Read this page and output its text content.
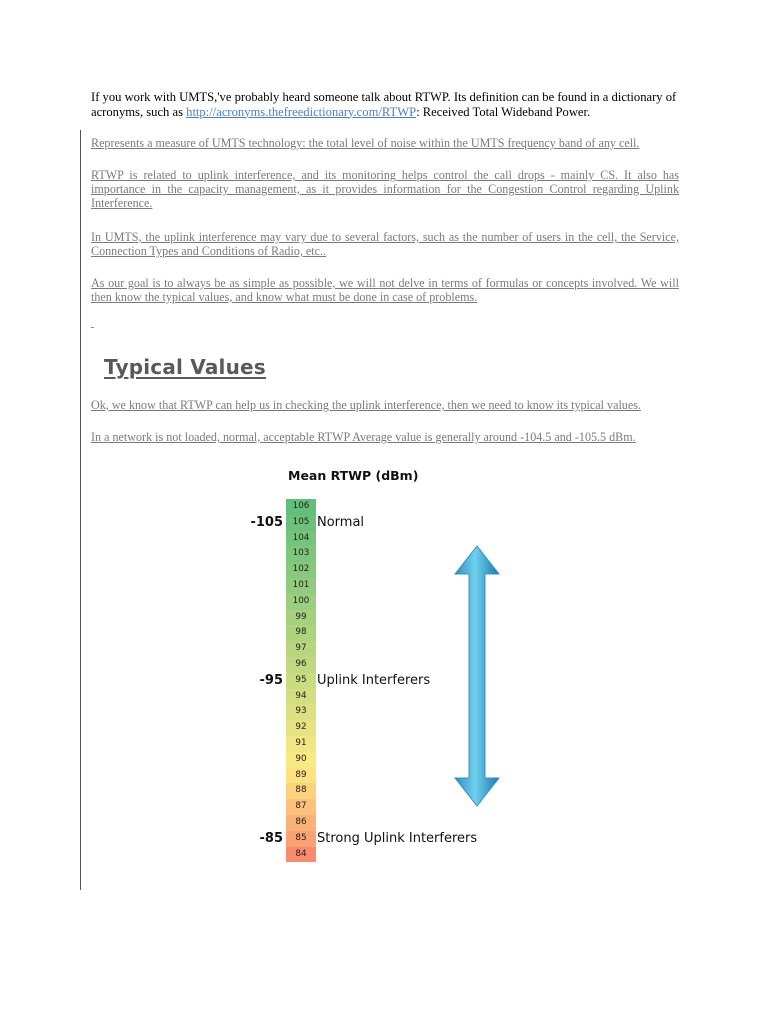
If you work with UMTS,'ve probably heard someone talk about RTWP. Its definition can be found in a dictionary of acronyms, such as http://acronyms.thefreedictionary.com/RTWP: Received Total Wideband Power.

Represents a measure of UMTS technology: the total level of noise within the UMTS frequency band of any cell.

RTWP is related to uplink interference, and its monitoring helps control the call drops - mainly CS. It also has importance in the capacity management, as it provides information for the Congestion Control regarding Uplink Interference.

In UMTS, the uplink interference may vary due to several factors, such as the number of users in the cell, the Service, Connection Types and Conditions of Radio, etc..

As our goal is to always be as simple as possible, we will not delve in terms of formulas or concepts involved. We will then know the typical values, and know what must be done in case of problems.

Typical Values

Ok, we know that RTWP can help us in checking the uplink interference, then we need to know its typical values.

In a network is not loaded, normal, acceptable RTWP Average value is generally around -104.5 and -105.5 dBm.

Mean RTWP (dBm)
106
105
104
103
102
101
100
99
98
97
96
95
94
93
92
91
90
89
88
87
86
85
84
-105	Normal
-95	Uplink Interferers
-85	Strong Uplink Interferers
